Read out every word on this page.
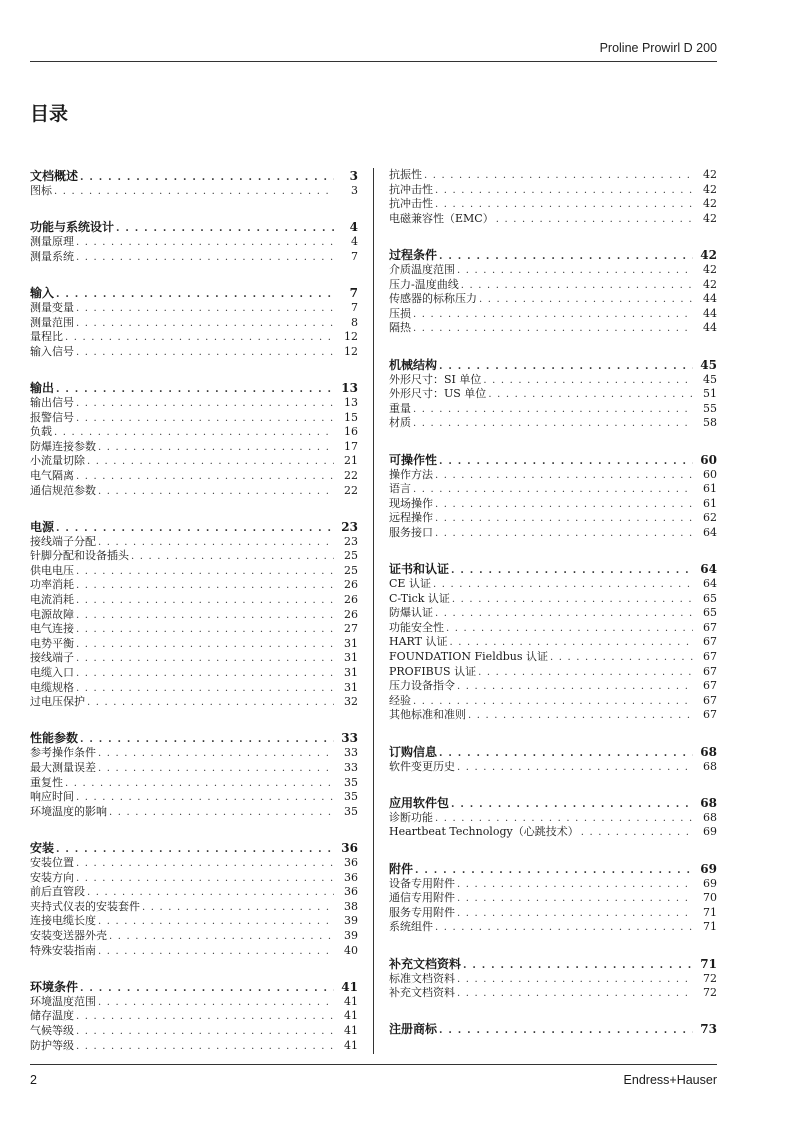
Proline Prowirl D 200
目录
文档概述 . . .	3
图标 . . .	3
功能与系统设计 . . .	4
测量原理 . . .	4
测量系统 . . .	7
输入 . . .	7
测量变量 . . .	7
测量范围 . . .	8
量程比 . . .	12
输入信号 . . .	12
输出 . . .	13
输出信号 . . .	13
报警信号 . . .	15
负载 . . .	16
防爆连接参数 . . .	17
小流量切除 . . .	21
电气隔离 . . .	22
通信规范参数 . . .	22
电源 . . .	23
接线端子分配 . . .	23
针脚分配和设备插头 . . .	25
供电电压 . . .	25
功率消耗 . . .	26
电流消耗 . . .	26
电源故障 . . .	26
电气连接 . . .	27
电势平衡 . . .	31
接线端子 . . .	31
电缆入口 . . .	31
电缆规格 . . .	31
过电压保护 . . .	32
性能参数 . . .	33
参考操作条件 . . .	33
最大测量误差 . . .	33
重复性 . . .	35
响应时间 . . .	35
环境温度的影响 . . .	35
安装 . . .	36
安装位置 . . .	36
安装方向 . . .	36
前后直管段 . . .	36
夹持式仪表的安装套件 . . .	38
连接电缆长度 . . .	39
安装变送器外壳 . . .	39
特殊安装指南 . . .	40
环境条件 . . .	41
环境温度范围 . . .	41
储存温度 . . .	41
气候等级 . . .	41
防护等级 . . .	41
抗振性 . . .	42
抗冲击性 . . .	42
抗冲击性 . . .	42
电磁兼容性（EMC） . . .	42
过程条件 . . .	42
介质温度范围 . . .	42
压力-温度曲线 . . .	42
传感器的标称压力 . . .	44
压损 . . .	44
隔热 . . .	44
机械结构 . . .	45
外形尺寸：SI 单位 . . .	45
外形尺寸：US 单位 . . .	51
重量 . . .	55
材质 . . .	58
可操作性 . . .	60
操作方法 . . .	60
语言 . . .	61
现场操作 . . .	61
远程操作 . . .	62
服务接口 . . .	64
证书和认证 . . .	64
CE 认证 . . .	64
C-Tick 认证 . . .	65
防爆认证 . . .	65
功能安全性 . . .	67
HART 认证 . . .	67
FOUNDATION Fieldbus 认证 . . .	67
PROFIBUS 认证 . . .	67
压力设备指令 . . .	67
经验 . . .	67
其他标准和准则 . . .	67
订购信息 . . .	68
软件变更历史 . . .	68
应用软件包 . . .	68
诊断功能 . . .	68
Heartbeat Technology（心跳技术） . . .	69
附件 . . .	69
设备专用附件 . . .	69
通信专用附件 . . .	70
服务专用附件 . . .	71
系统组件 . . .	71
补充文档资料 . . .	71
标准文档资料 . . .	72
补充文档资料 . . .	72
注册商标 . . .	73
2	Endress+Hauser
